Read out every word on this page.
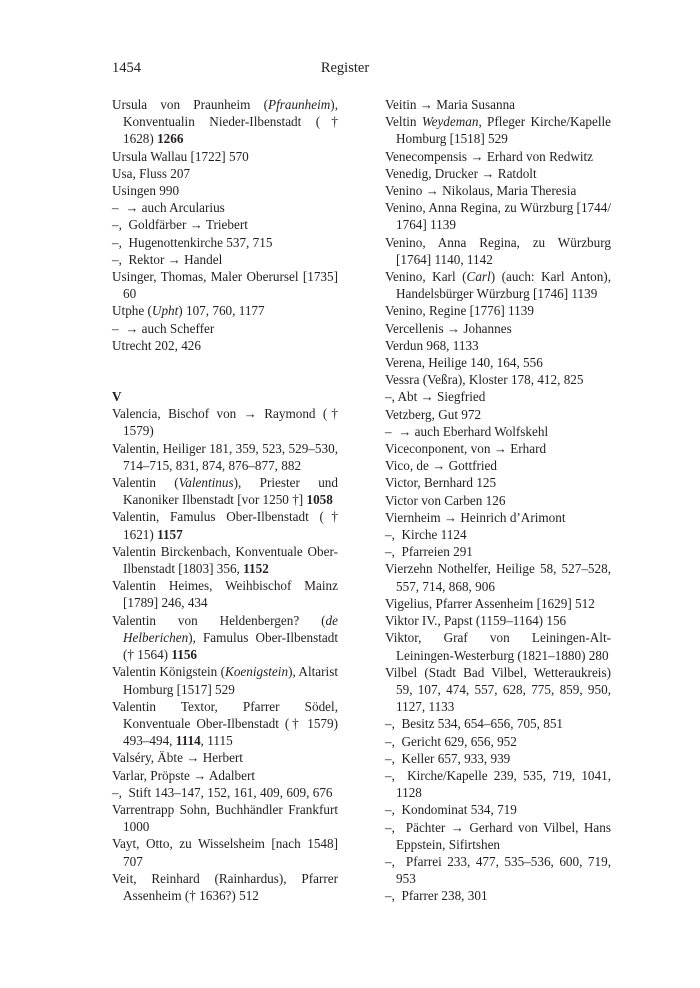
1454	Register
Ursula von Praunheim (Pfraunheim), Konventualin Nieder-Ilbenstadt († 1628) 1266
Ursula Wallau [1722] 570
Usa, Fluss 207
Usingen 990
–  → auch Arcularius
–,  Goldfärber → Triebert
–,  Hugenottenkirche 537, 715
–,  Rektor → Handel
Usinger, Thomas, Maler Oberursel [1735] 60
Utphe (Upht) 107, 760, 1177
–  → auch Scheffer
Utrecht 202, 426
V
Valencia, Bischof von → Raymond († 1579)
Valentin, Heiliger 181, 359, 523, 529–530, 714–715, 831, 874, 876–877, 882
Valentin (Valentinus), Priester und Kanoniker Ilbenstadt [vor 1250 †] 1058
Valentin, Famulus Ober-Ilbenstadt († 1621) 1157
Valentin Birckenbach, Konventuale Ober-Ilbenstadt [1803] 356, 1152
Valentin Heimes, Weihbischof Mainz [1789] 246, 434
Valentin von Heldenbergen? (de Helberichen), Famulus Ober-Ilbenstadt († 1564) 1156
Valentin Königstein (Koenigstein), Altarist Homburg [1517] 529
Valentin Textor, Pfarrer Södel, Konventuale Ober-Ilbenstadt († 1579) 493–494, 1114, 1115
Valséry, Äbte → Herbert
Varlar, Pröpste → Adalbert
–,  Stift 143–147, 152, 161, 409, 609, 676
Varrentrapp Sohn, Buchhändler Frankfurt 1000
Vayt, Otto, zu Wisselsheim [nach 1548] 707
Veit, Reinhard (Rainhardus), Pfarrer Assenheim († 1636?) 512
Veitin → Maria Susanna
Veltin Weydeman, Pfleger Kirche/Kapelle Homburg [1518] 529
Venecompensis → Erhard von Redwitz
Venedig, Drucker → Ratdolt
Venino → Nikolaus, Maria Theresia
Venino, Anna Regina, zu Würzburg [1744/ 1764] 1139
Venino, Anna Regina, zu Würzburg [1764] 1140, 1142
Venino, Karl (Carl) (auch: Karl Anton), Handelsbürger Würzburg [1746] 1139
Venino, Regine [1776] 1139
Vercellenis → Johannes
Verdun 968, 1133
Verena, Heilige 140, 164, 556
Vessra (Veßra), Kloster 178, 412, 825
–, Abt → Siegfried
Vetzberg, Gut 972
–  → auch Eberhard Wolfskehl
Viceconponent, von → Erhard
Vico, de → Gottfried
Victor, Bernhard 125
Victor von Carben 126
Viernheim → Heinrich d’Arimont
–,  Kirche 1124
–,  Pfarreien 291
Vierzehn Nothelfer, Heilige 58, 527–528, 557, 714, 868, 906
Vigelius, Pfarrer Assenheim [1629] 512
Viktor IV., Papst (1159–1164) 156
Viktor, Graf von Leiningen-Alt-Leiningen-Westerburg (1821–1880) 280
Vilbel (Stadt Bad Vilbel, Wetteraukreis) 59, 107, 474, 557, 628, 775, 859, 950, 1127, 1133
–,  Besitz 534, 654–656, 705, 851
–,  Gericht 629, 656, 952
–,  Keller 657, 933, 939
–,  Kirche/Kapelle 239, 535, 719, 1041, 1128
–,  Kondominat 534, 719
–,  Pächter → Gerhard von Vilbel, Hans Eppstein, Sifirtshen
–,  Pfarrei 233, 477, 535–536, 600, 719, 953
–,  Pfarrer 238, 301
